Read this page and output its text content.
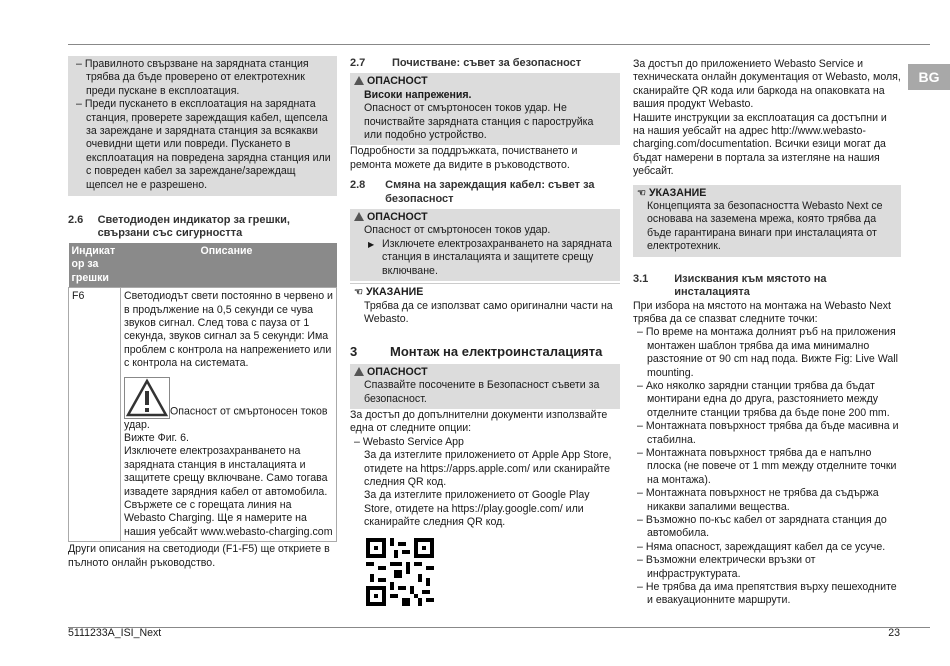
BG
– Правилното свързване на зарядната станция трябва да бъде проверено от електротехник преди пускане в експлоатация.
– Преди пускането в експлоатация на зарядната станция, проверете зареждащия кабел, щепсела за зареждане и зарядната станция за всякакви очевидни щети или повреди. Пускането в експлоатация на повредена зарядна станция или с повреден кабел за зареждане/зареждащ щепсел не е разрешено.
2.6	Светодиоден индикатор за грешки, свързани със сигурността
Индикат ор за грешки	Описание
F6	Светодиодът свети постоянно в червено и в продължение на 0,5 секунди се чува звуков сигнал. След това с пауза от 1 секунда, звуков сигнал за 5 секунди: Има проблем с контрола на напрежението или с контрола на системата.
Опасност от смъртоносен токов удар.
Вижте Фиг. 6.
Изключете електрозахранването на зарядната станция в инсталацията и защитете срещу включване. Само тогава извадете зарядния кабел от автомобила. Свържете се с горещата линия на Webasto Charging. Ще я намерите на нашия уебсайт www.webasto-charging.com
Други описания на светодиоди (F1-F5) ще откриете в пълното онлайн ръководство.
2.7	Почистване: съвет за безопасност
ОПАСНОСТ
Високи напрежения.
Опасност от смъртоносен токов удар. Не почиствайте зарядната станция с пароструйка или подобно устройство.
Подробности за поддръжката, почистването и ремонта можете да видите в ръководството.
2.8	Смяна на зареждащия кабел: съвет за безопасност
ОПАСНОСТ
Опасност от смъртоносен токов удар.
▶ Изключете електрозахранването на зарядната станция в инсталацията и защитете срещу включване.
☜ УКАЗАНИЕ
Трябва да се използват само оригинални части на Webasto.
3	Монтаж на електроинсталацията
ОПАСНОСТ
Спазвайте посочените в Безопасност съвети за безопасност.
За достъп до допълнителни документи използвайте една от следните опции:
– Webasto Service App
За да изтеглите приложението от Apple App Store, отидете на https://apps.apple.com/ или сканирайте следния QR код.
За да изтеглите приложението от Google Play Store, отидете на https://play.google.com/ или сканирайте следния QR код.
За достъп до приложението Webasto Service и техническата онлайн документация от Webasto, моля, сканирайте QR кода или баркода на опаковката на вашия продукт Webasto.
Нашите инструкции за експлоатация са достъпни и на нашия уебсайт на адрес http://www.webasto-charging.com/documentation. Всички езици могат да бъдат намерени в портала за изтегляне на нашия уебсайт.
☜ УКАЗАНИЕ
Концепцията за безопасността Webasto Next се основава на заземена мрежа, която трябва да бъде гарантирана винаги при инсталацията от електротехник.
3.1	Изисквания към мястото на инсталацията
При избора на мястото на монтажа на Webasto Next трябва да се спазват следните точки:
– По време на монтажа долният ръб на приложения монтажен шаблон трябва да има минимално разстояние от 90 cm над пода. Вижте Fig: Live Wall mounting.
– Ако няколко зарядни станции трябва да бъдат монтирани една до друга, разстоянието между отделните станции трябва да бъде поне 200 mm.
– Монтажната повърхност трябва да бъде масивна и стабилна.
– Монтажната повърхност трябва да е напълно плоска (не повече от 1 mm между отделните точки на монтажа).
– Монтажната повърхност не трябва да съдържа никакви запалими вещества.
– Възможно по-къс кабел от зарядната станция до автомобила.
– Няма опасност, зареждащият кабел да се усуче.
– Възможни електрически връзки от инфраструктурата.
– Не трябва да има препятствия върху пешеходните и евакуационните маршрути.
5111233A_ISI_Next	23
